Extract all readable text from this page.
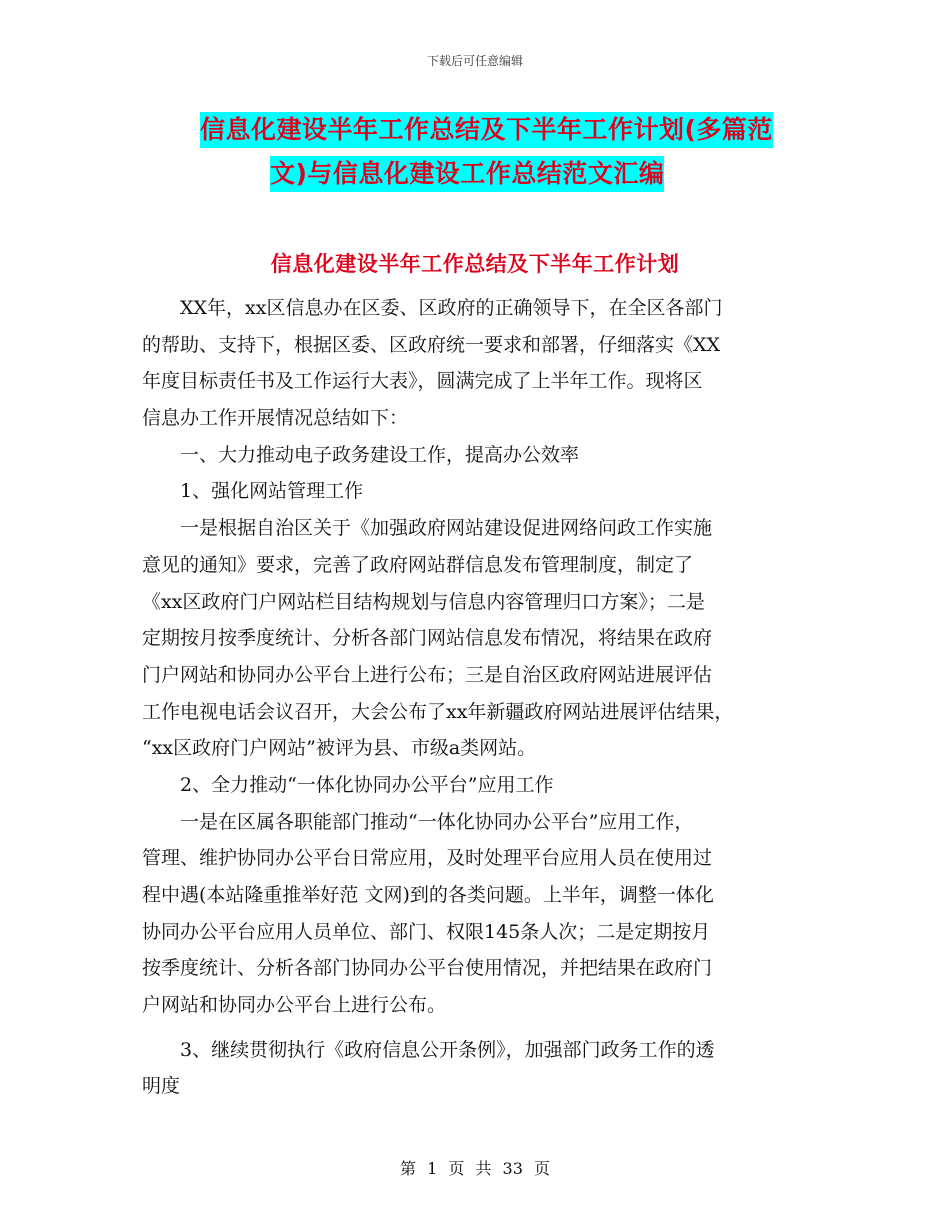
下载后可任意编辑
信息化建设半年工作总结及下半年工作计划(多篇范
文)与信息化建设工作总结范文汇编
信息化建设半年工作总结及下半年工作计划
　　XX年，xx区信息办在区委、区政府的正确领导下，在全区各部门
的帮助、支持下，根据区委、区政府统一要求和部署，仔细落实《XX
年度目标责任书及工作运行大表》，圆满完成了上半年工作。现将区
信息办工作开展情况总结如下：
　　一、大力推动电子政务建设工作，提高办公效率
　　1、强化网站管理工作
　　一是根据自治区关于《加强政府网站建设促进网络问政工作实施
意见的通知》要求，完善了政府网站群信息发布管理制度，制定了
《xx区政府门户网站栏目结构规划与信息内容管理归口方案》；二是
定期按月按季度统计、分析各部门网站信息发布情况，将结果在政府
门户网站和协同办公平台上进行公布；三是自治区政府网站进展评估
工作电视电话会议召开，大会公布了xx年新疆政府网站进展评估结果，
“xx区政府门户网站”被评为县、市级a类网站。
　　2、全力推动“一体化协同办公平台”应用工作
　　一是在区属各职能部门推动“一体化协同办公平台”应用工作，
管理、维护协同办公平台日常应用，及时处理平台应用人员在使用过
程中遇(本站隆重推举好范 文网)到的各类问题。上半年，调整一体化
协同办公平台应用人员单位、部门、权限145条人次；二是定期按月
按季度统计、分析各部门协同办公平台使用情况，并把结果在政府门
户网站和协同办公平台上进行公布。
　　3、继续贯彻执行《政府信息公开条例》，加强部门政务工作的透
明度
第 1 页 共 33 页
